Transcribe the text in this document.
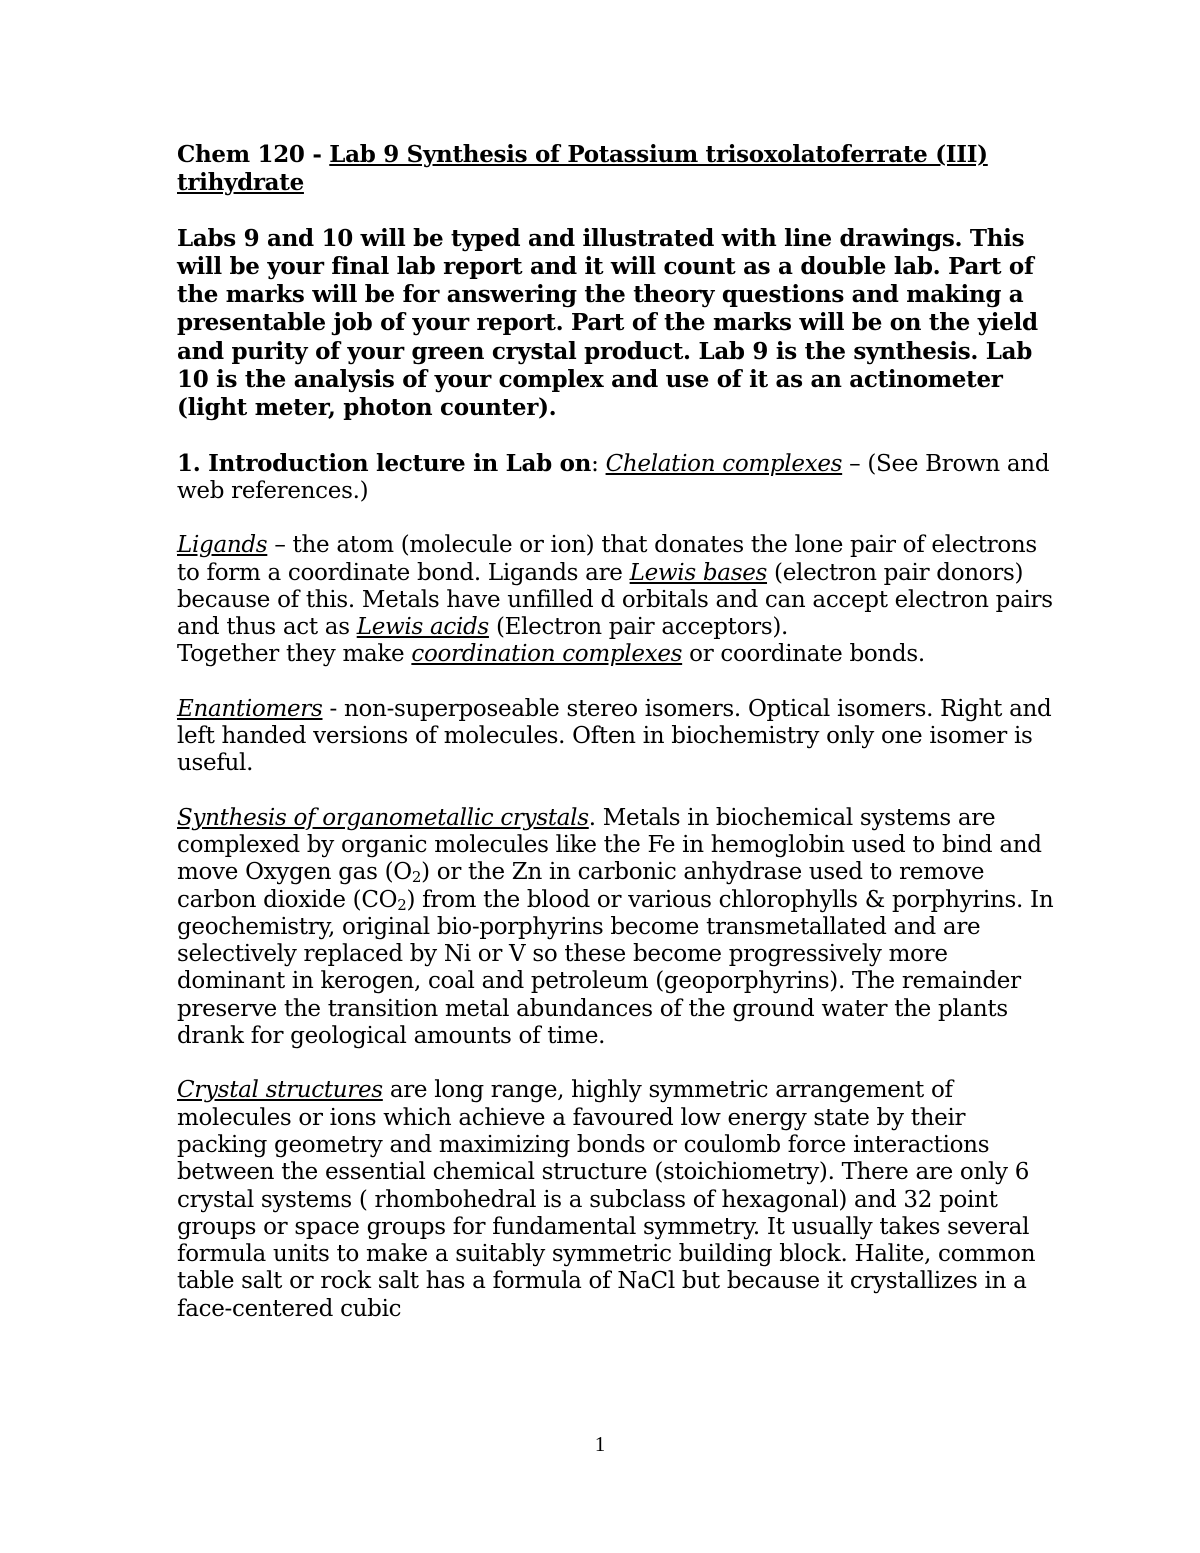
Chem 120 - Lab 9 Synthesis of Potassium trisoxolatoferrate (III) trihydrate

Labs 9 and 10 will be typed and illustrated with line drawings. This will be your final lab report and it will count as a double lab. Part of the marks will be for answering the theory questions and making a presentable job of your report. Part of the marks will be on the yield and purity of your green crystal product. Lab 9 is the synthesis. Lab 10 is the analysis of your complex and use of it as an actinometer (light meter, photon counter).

1. Introduction lecture in Lab on: Chelation complexes – (See Brown and web references.)

Ligands – the atom (molecule or ion) that donates the lone pair of electrons to form a coordinate bond. Ligands are Lewis bases (electron pair donors) because of this. Metals have unfilled d orbitals and can accept electron pairs and thus act as Lewis acids (Electron pair acceptors).

Together they make coordination complexes or coordinate bonds.

Enantiomers - non-superposeable stereo isomers. Optical isomers. Right and left handed versions of molecules. Often in biochemistry only one isomer is useful.

Synthesis of organometallic crystals. Metals in biochemical systems are complexed by organic molecules like the Fe in hemoglobin used to bind and move Oxygen gas $(O_2)$ or the Zn in carbonic anhydrase used to remove carbon dioxide $(CO_2)$ from the blood or various chlorophylls & porphyrins. In geochemistry, original bio-porphyrins become transmetallated and are selectively replaced by Ni or V so these become progressively more dominant in kerogen, coal and petroleum (geoporphyrins). The remainder preserve the transition metal abundances of the ground water the plants drank for geological amounts of time.

Crystal structures are long range, highly symmetric arrangement of molecules or ions which achieve a favoured low energy state by their packing geometry and maximizing bonds or coulomb force interactions between the essential chemical structure (stoichiometry). There are only 6 crystal systems ( rhombohedral is a subclass of hexagonal) and 32 point groups or space groups for fundamental symmetry. It usually takes several formula units to make a suitably symmetric building block. Halite, common table salt or rock salt has a formula of NaCl but because it crystallizes in a face-centered cubic

1
